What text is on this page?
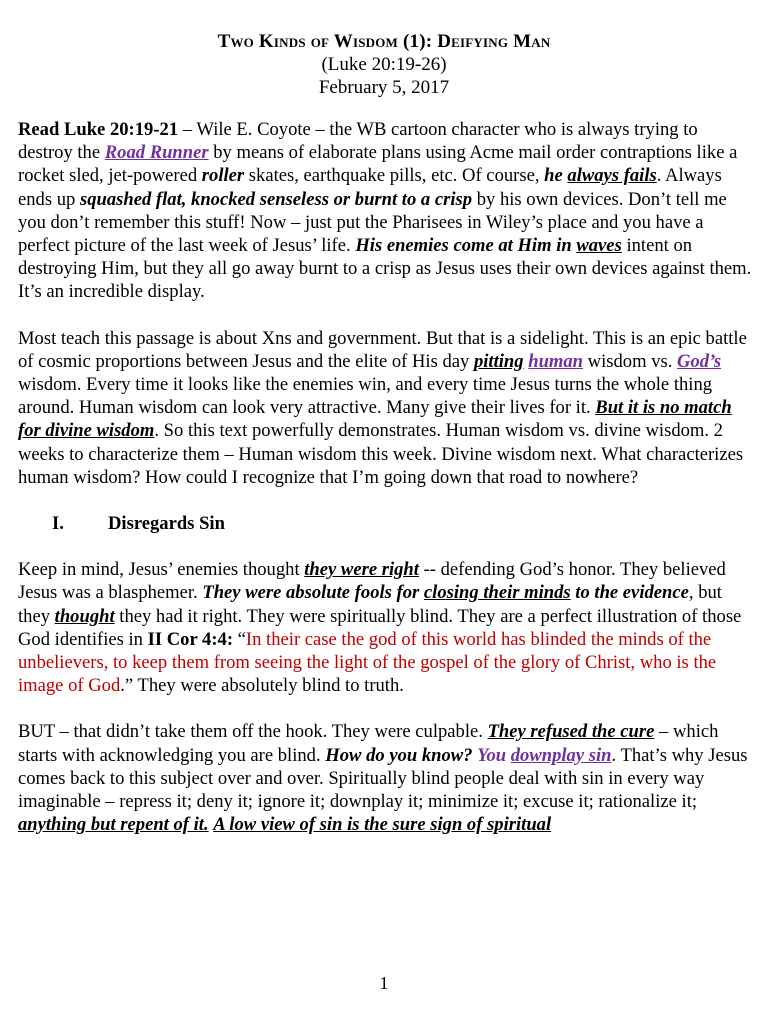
Two Kinds of Wisdom (1): Deifying Man
(Luke 20:19-26)
February 5, 2017

Read Luke 20:19-21 – Wile E. Coyote – the WB cartoon character who is always trying to destroy the Road Runner by means of elaborate plans using Acme mail order contraptions like a rocket sled, jet-powered roller skates, earthquake pills, etc. Of course, he always fails. Always ends up squashed flat, knocked senseless or burnt to a crisp by his own devices. Don’t tell me you don’t remember this stuff! Now – just put the Pharisees in Wiley’s place and you have a perfect picture of the last week of Jesus’ life. His enemies come at Him in waves intent on destroying Him, but they all go away burnt to a crisp as Jesus uses their own devices against them. It’s an incredible display.

Most teach this passage is about Xns and government. But that is a sidelight. This is an epic battle of cosmic proportions between Jesus and the elite of His day pitting human wisdom vs. God’s wisdom. Every time it looks like the enemies win, and every time Jesus turns the whole thing around. Human wisdom can look very attractive. Many give their lives for it. But it is no match for divine wisdom. So this text powerfully demonstrates. Human wisdom vs. divine wisdom. 2 weeks to characterize them – Human wisdom this week. Divine wisdom next. What characterizes human wisdom? How could I recognize that I’m going down that road to nowhere?

I. Disregards Sin

Keep in mind, Jesus’ enemies thought they were right -- defending God’s honor. They believed Jesus was a blasphemer. They were absolute fools for closing their minds to the evidence, but they thought they had it right. They were spiritually blind. They are a perfect illustration of those God identifies in II Cor 4:4: “In their case the god of this world has blinded the minds of the unbelievers, to keep them from seeing the light of the gospel of the glory of Christ, who is the image of God.” They were absolutely blind to truth.

BUT – that didn’t take them off the hook. They were culpable. They refused the cure – which starts with acknowledging you are blind. How do you know? You downplay sin. That’s why Jesus comes back to this subject over and over. Spiritually blind people deal with sin in every way imaginable – repress it; deny it; ignore it; downplay it; minimize it; excuse it; rationalize it; anything but repent of it. A low view of sin is the sure sign of spiritual

1
